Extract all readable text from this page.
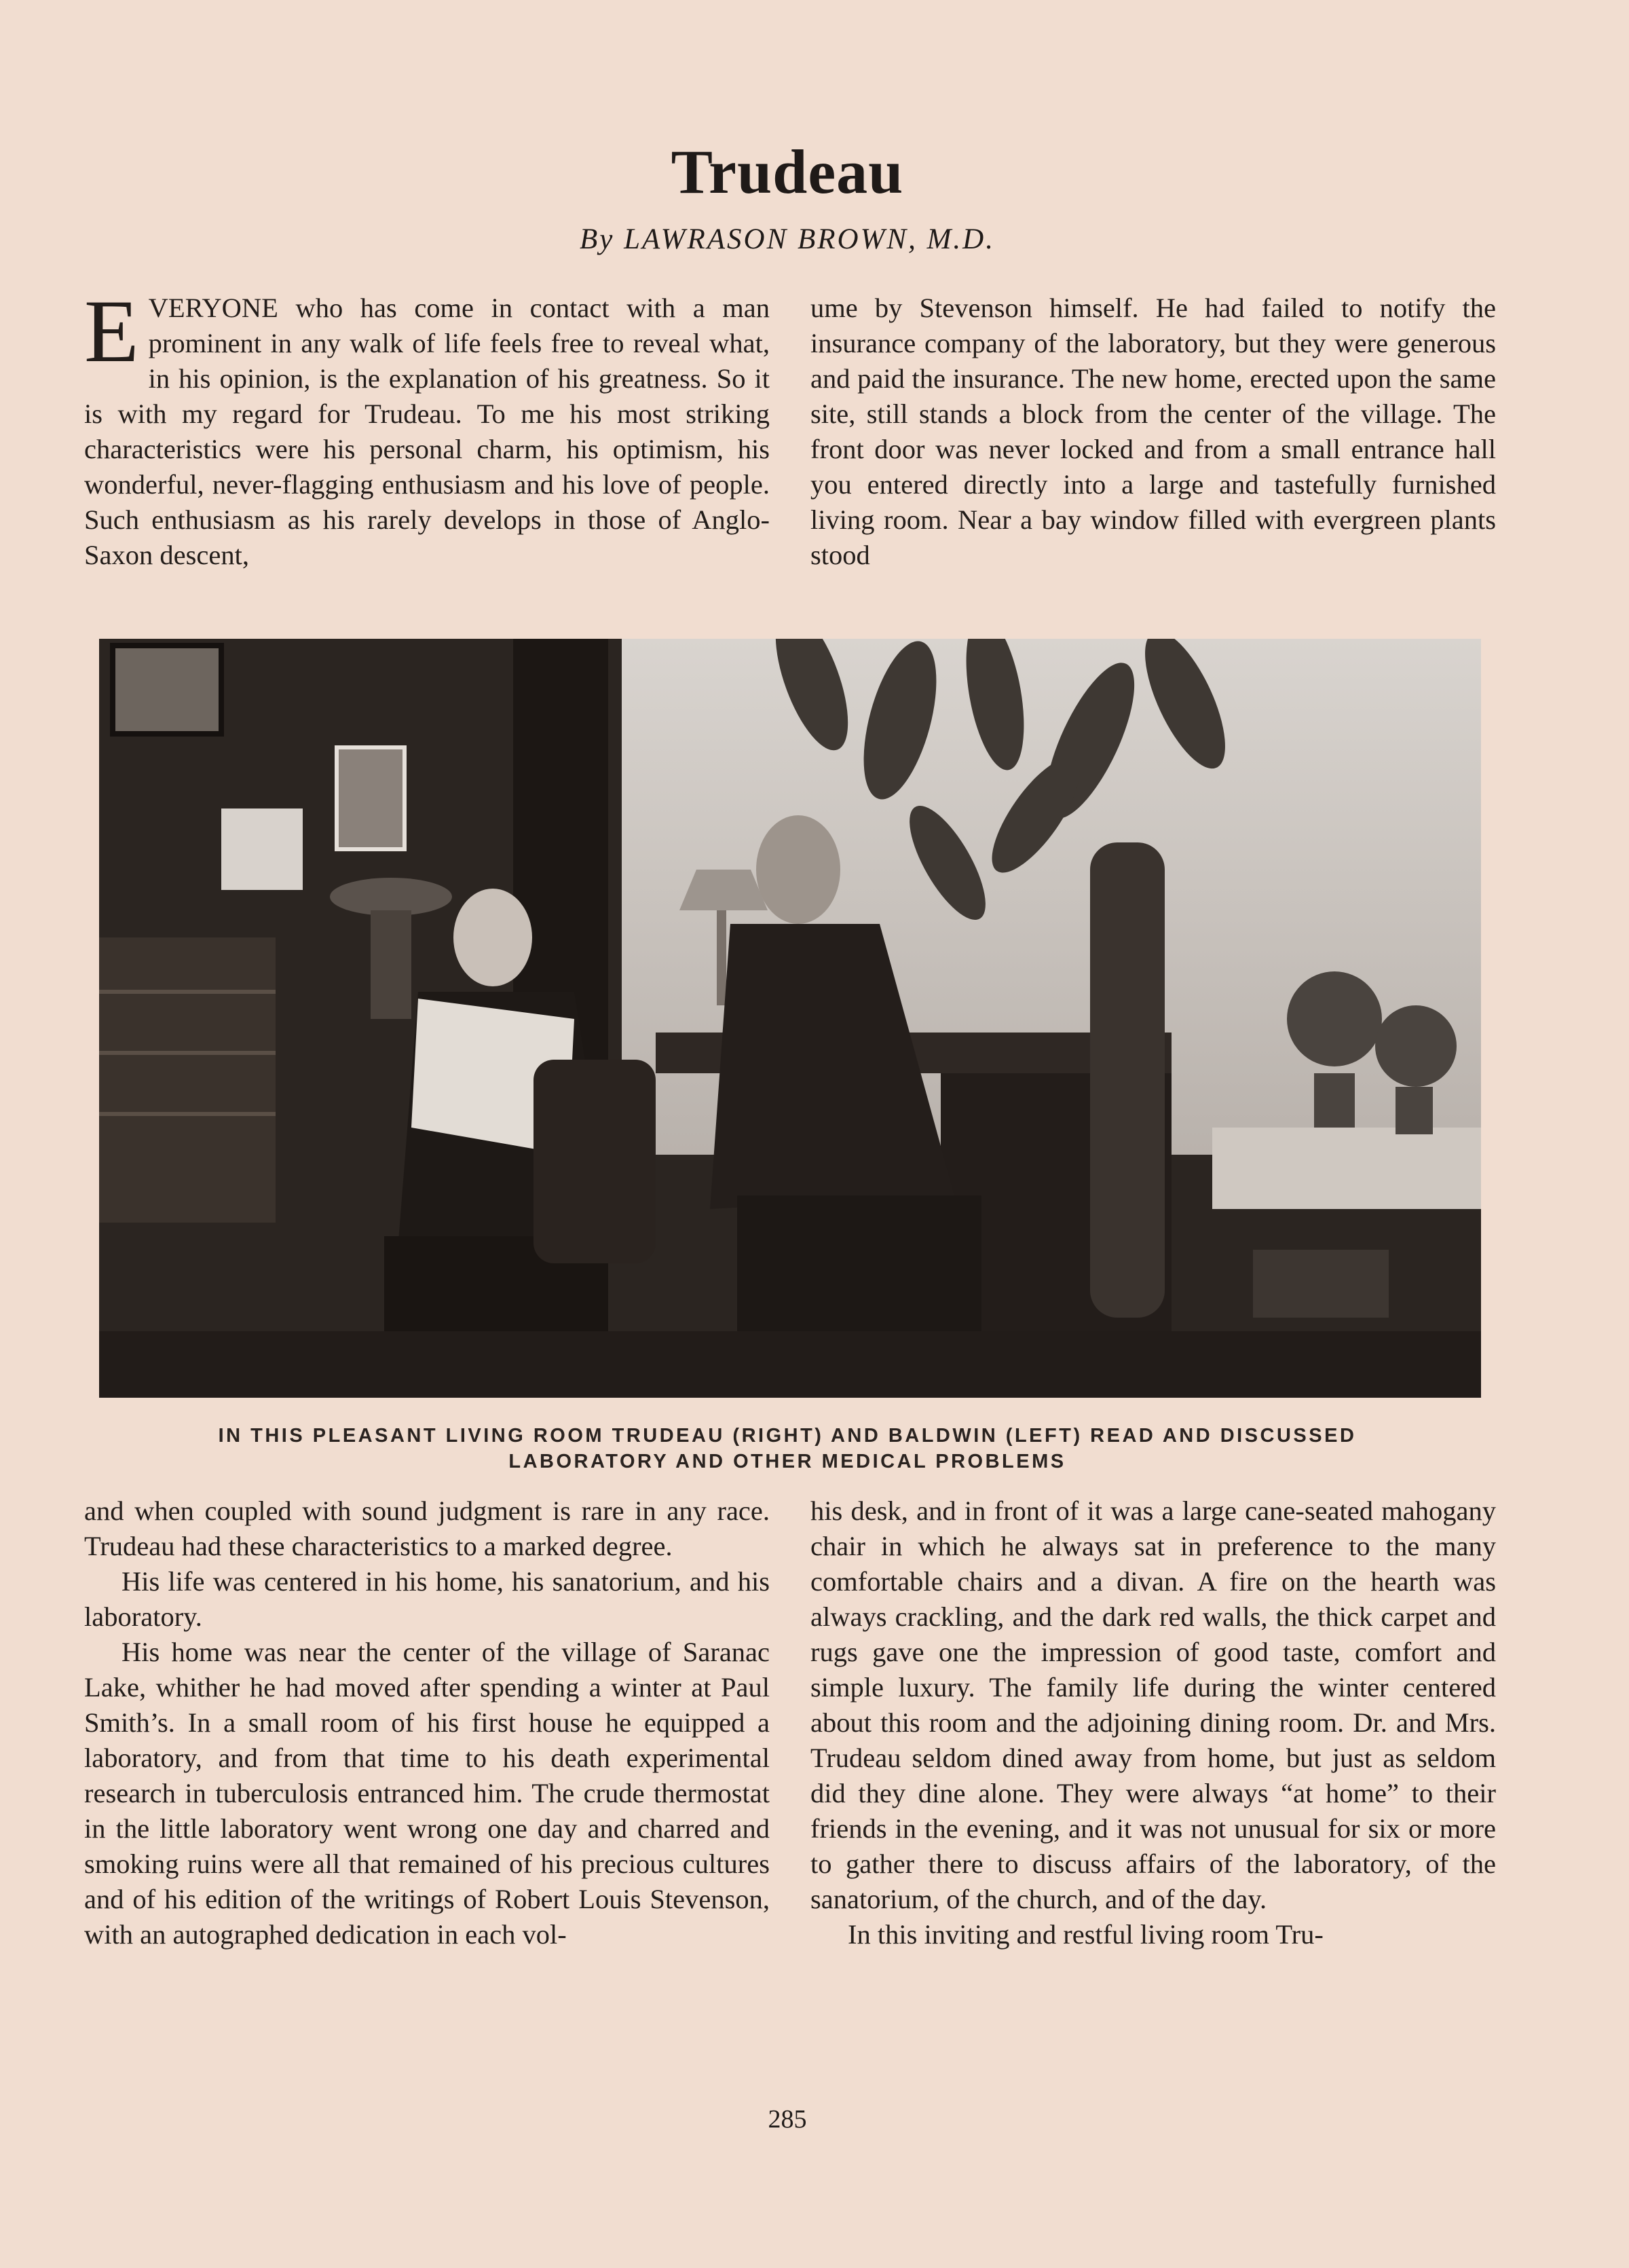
Trudeau
By LAWRASON BROWN, M.D.

EVERYONE who has come in contact with a man prominent in any walk of life feels free to reveal what, in his opinion, is the explanation of his greatness. So it is with my regard for Trudeau. To me his most striking characteristics were his personal charm, his optimism, his wonderful, never-flagging enthusiasm and his love of people. Such enthusiasm as his rarely develops in those of Anglo-Saxon descent,

ume by Stevenson himself. He had failed to notify the insurance company of the laboratory, but they were generous and paid the insurance. The new home, erected upon the same site, still stands a block from the center of the village. The front door was never locked and from a small entrance hall you entered directly into a large and tastefully furnished living room. Near a bay window filled with evergreen plants stood

IN THIS PLEASANT LIVING ROOM TRUDEAU (RIGHT) AND BALDWIN (LEFT) READ AND DISCUSSED
LABORATORY AND OTHER MEDICAL PROBLEMS

and when coupled with sound judgment is rare in any race. Trudeau had these characteristics to a marked degree.

His life was centered in his home, his sanatorium, and his laboratory.

His home was near the center of the village of Saranac Lake, whither he had moved after spending a winter at Paul Smith’s. In a small room of his first house he equipped a laboratory, and from that time to his death experimental research in tuberculosis entranced him. The crude thermostat in the little laboratory went wrong one day and charred and smoking ruins were all that remained of his precious cultures and of his edition of the writings of Robert Louis Stevenson, with an autographed dedication in each vol-

his desk, and in front of it was a large cane-seated mahogany chair in which he always sat in preference to the many comfortable chairs and a divan. A fire on the hearth was always crackling, and the dark red walls, the thick carpet and rugs gave one the impression of good taste, comfort and simple luxury. The family life during the winter centered about this room and the adjoining dining room. Dr. and Mrs. Trudeau seldom dined away from home, but just as seldom did they dine alone. They were always “at home” to their friends in the evening, and it was not unusual for six or more to gather there to discuss affairs of the laboratory, of the sanatorium, of the church, and of the day.

In this inviting and restful living room Tru-

285
